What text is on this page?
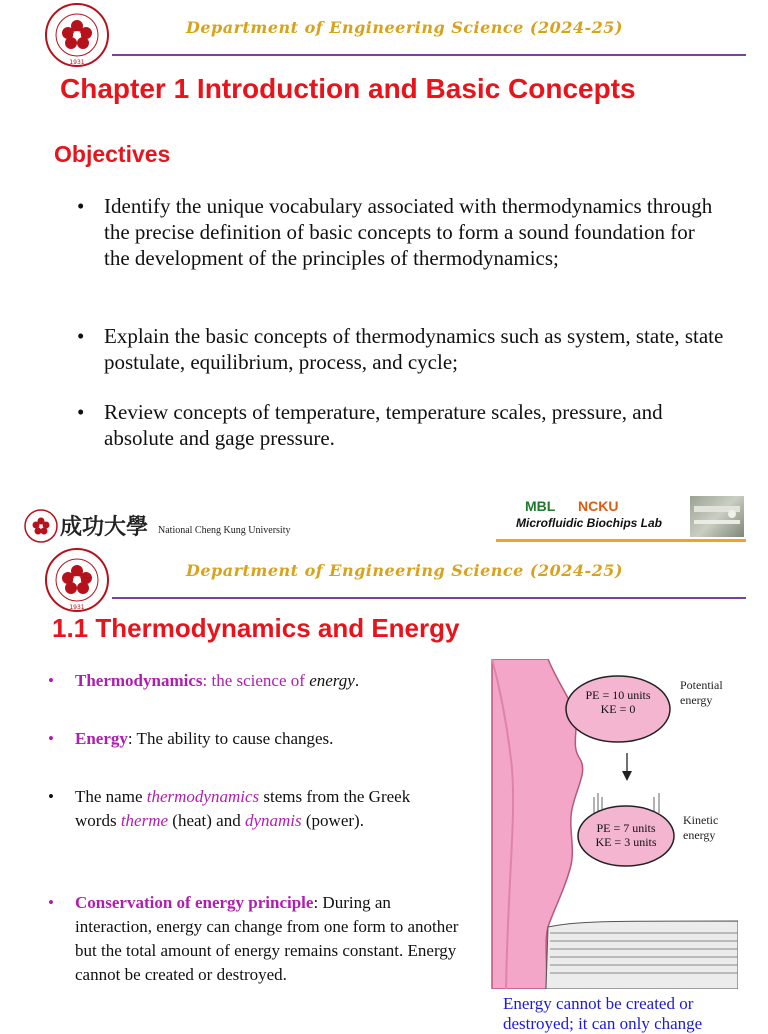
1931
Department of Engineering Science (2024-25)
Chapter 1 Introduction and Basic Concepts
Objectives
• Identify the unique vocabulary associated with thermodynamics through the precise definition of basic concepts to form a sound foundation for the development of the principles of thermodynamics;
• Explain the basic concepts of thermodynamics such as system, state, state postulate, equilibrium, process, and cycle;
• Review concepts of temperature, temperature scales, pressure, and absolute and gage pressure.
成功大學 National Cheng Kung University
MBL NCKU
Microfluidic Biochips Lab
1931
Department of Engineering Science (2024-25)
1.1 Thermodynamics and Energy
• Thermodynamics: the science of energy.
• Energy: The ability to cause changes.
• The name thermodynamics stems from the Greek words therme (heat) and dynamis (power).
• Conservation of energy principle: During an interaction, energy can change from one form to another but the total amount of energy remains constant. Energy cannot be created or destroyed.
PE = 10 units
KE = 0
Potential energy
PE = 7 units
KE = 3 units
Kinetic energy
Energy cannot be created or
destroyed; it can only change
